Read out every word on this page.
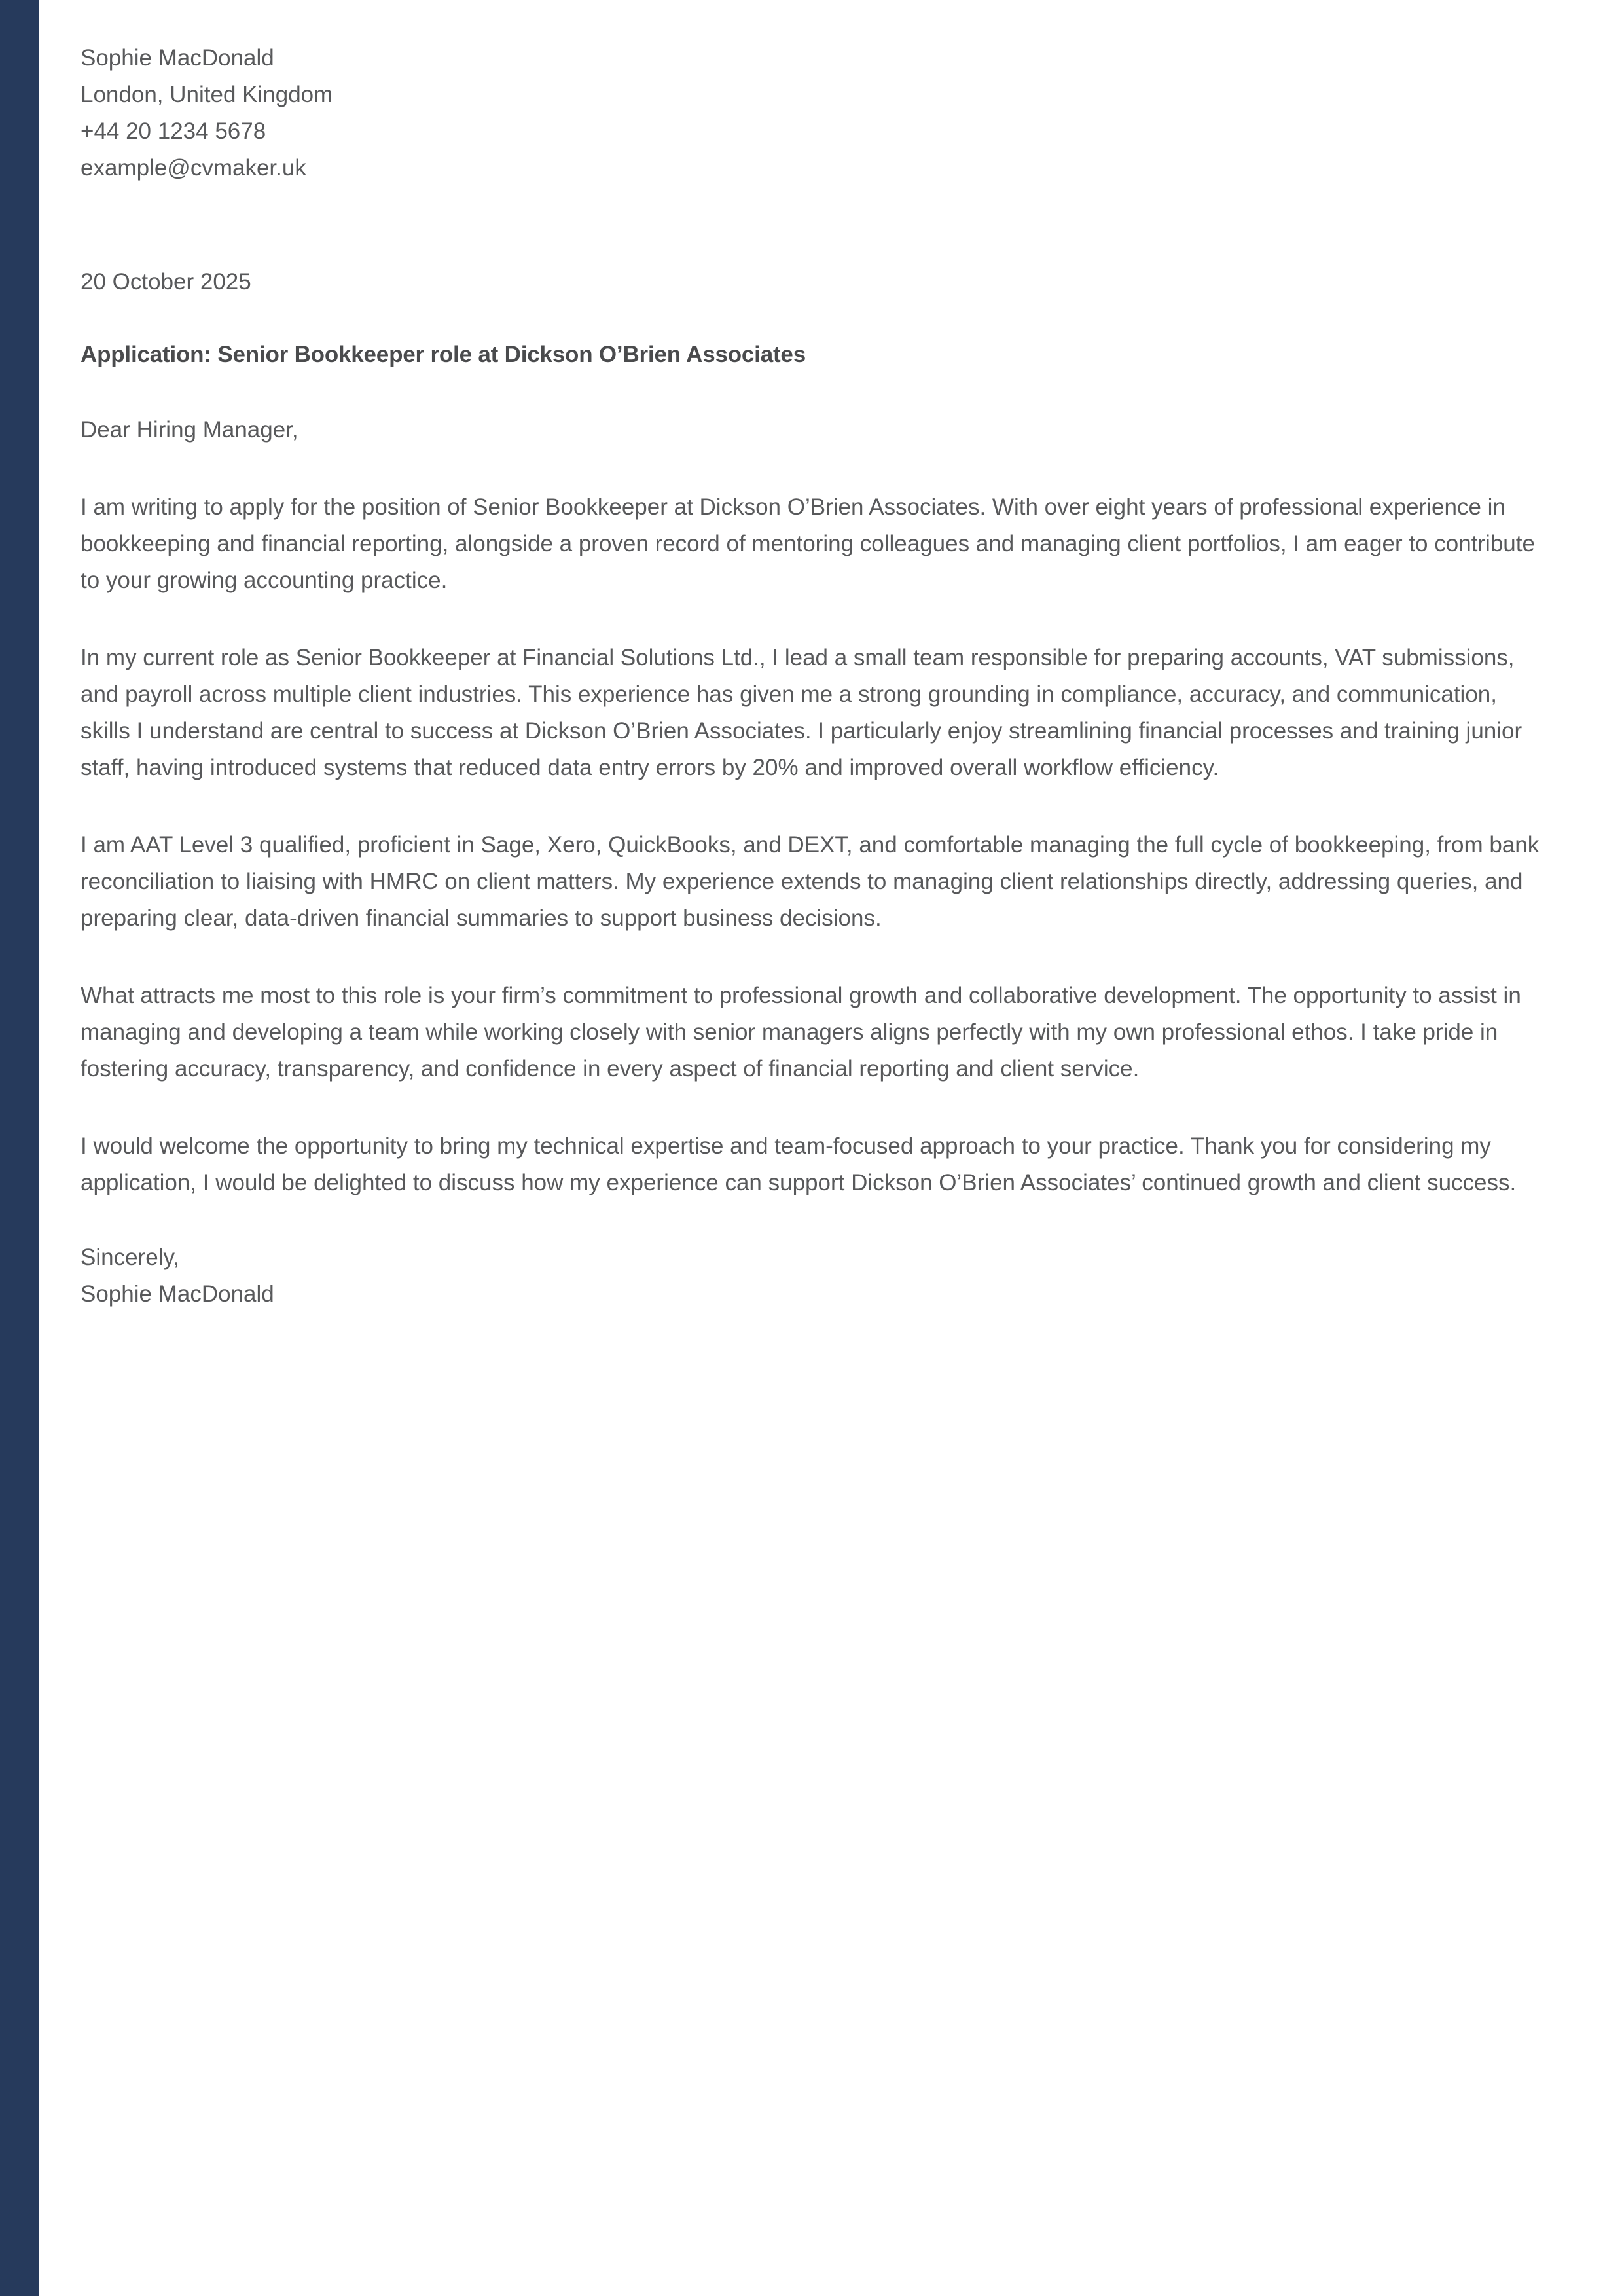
Sophie MacDonald
London, United Kingdom
+44 20 1234 5678
example@cvmaker.uk
20 October 2025
Application: Senior Bookkeeper role at Dickson O’Brien Associates
Dear Hiring Manager,

I am writing to apply for the position of Senior Bookkeeper at Dickson O’Brien Associates. With over eight years of professional experience in bookkeeping and financial reporting, alongside a proven record of mentoring colleagues and managing client portfolios, I am eager to contribute to your growing accounting practice.

In my current role as Senior Bookkeeper at Financial Solutions Ltd., I lead a small team responsible for preparing accounts, VAT submissions, and payroll across multiple client industries. This experience has given me a strong grounding in compliance, accuracy, and communication, skills I understand are central to success at Dickson O’Brien Associates. I particularly enjoy streamlining financial processes and training junior staff, having introduced systems that reduced data entry errors by 20% and improved overall workflow efficiency.

I am AAT Level 3 qualified, proficient in Sage, Xero, QuickBooks, and DEXT, and comfortable managing the full cycle of bookkeeping, from bank reconciliation to liaising with HMRC on client matters. My experience extends to managing client relationships directly, addressing queries, and preparing clear, data-driven financial summaries to support business decisions.

What attracts me most to this role is your firm’s commitment to professional growth and collaborative development. The opportunity to assist in managing and developing a team while working closely with senior managers aligns perfectly with my own professional ethos. I take pride in fostering accuracy, transparency, and confidence in every aspect of financial reporting and client service.

I would welcome the opportunity to bring my technical expertise and team-focused approach to your practice. Thank you for considering my application, I would be delighted to discuss how my experience can support Dickson O’Brien Associates’ continued growth and client success.

Sincerely,
Sophie MacDonald
